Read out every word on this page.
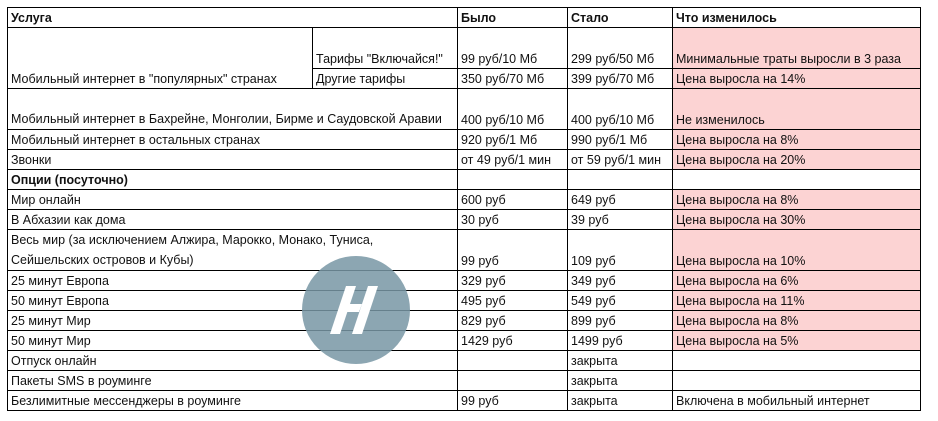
Услуга		Было	Стало	Что изменилось
Мобильный интернет в "популярных" странах	Тарифы "Включайся!"	99 руб/10 Мб	299 руб/50 Мб	Минимальные траты выросли в 3 раза
	Другие тарифы	350 руб/70 Мб	399 руб/70 Мб	Цена выросла на 14%
Мобильный интернет в Бахрейне, Монголии, Бирме и Саудовской Аравии		400 руб/10 Мб	400 руб/10 Мб	Не изменилось
Мобильный интернет в остальных странах		920 руб/1 Мб	990 руб/1 Мб	Цена выросла на 8%
Звонки		от 49 руб/1 мин	от 59 руб/1 мин	Цена выросла на 20%
Опции (посуточно)				
Мир онлайн		600 руб	649 руб	Цена выросла на 8%
В Абхазии как дома		30 руб	39 руб	Цена выросла на 30%
Весь мир (за исключением Алжира, Марокко, Монако, Туниса, Сейшельских островов и Кубы)		99 руб	109 руб	Цена выросла на 10%
25 минут Европа		329 руб	349 руб	Цена выросла на 6%
50 минут Европа		495 руб	549 руб	Цена выросла на 11%
25 минут Мир		829 руб	899 руб	Цена выросла на 8%
50 минут Мир		1429 руб	1499 руб	Цена выросла на 5%
Отпуск онлайн			закрыта	
Пакеты SMS в роуминге			закрыта	
Безлимитные мессенджеры в роуминге		99 руб	закрыта	Включена в мобильный интернет
